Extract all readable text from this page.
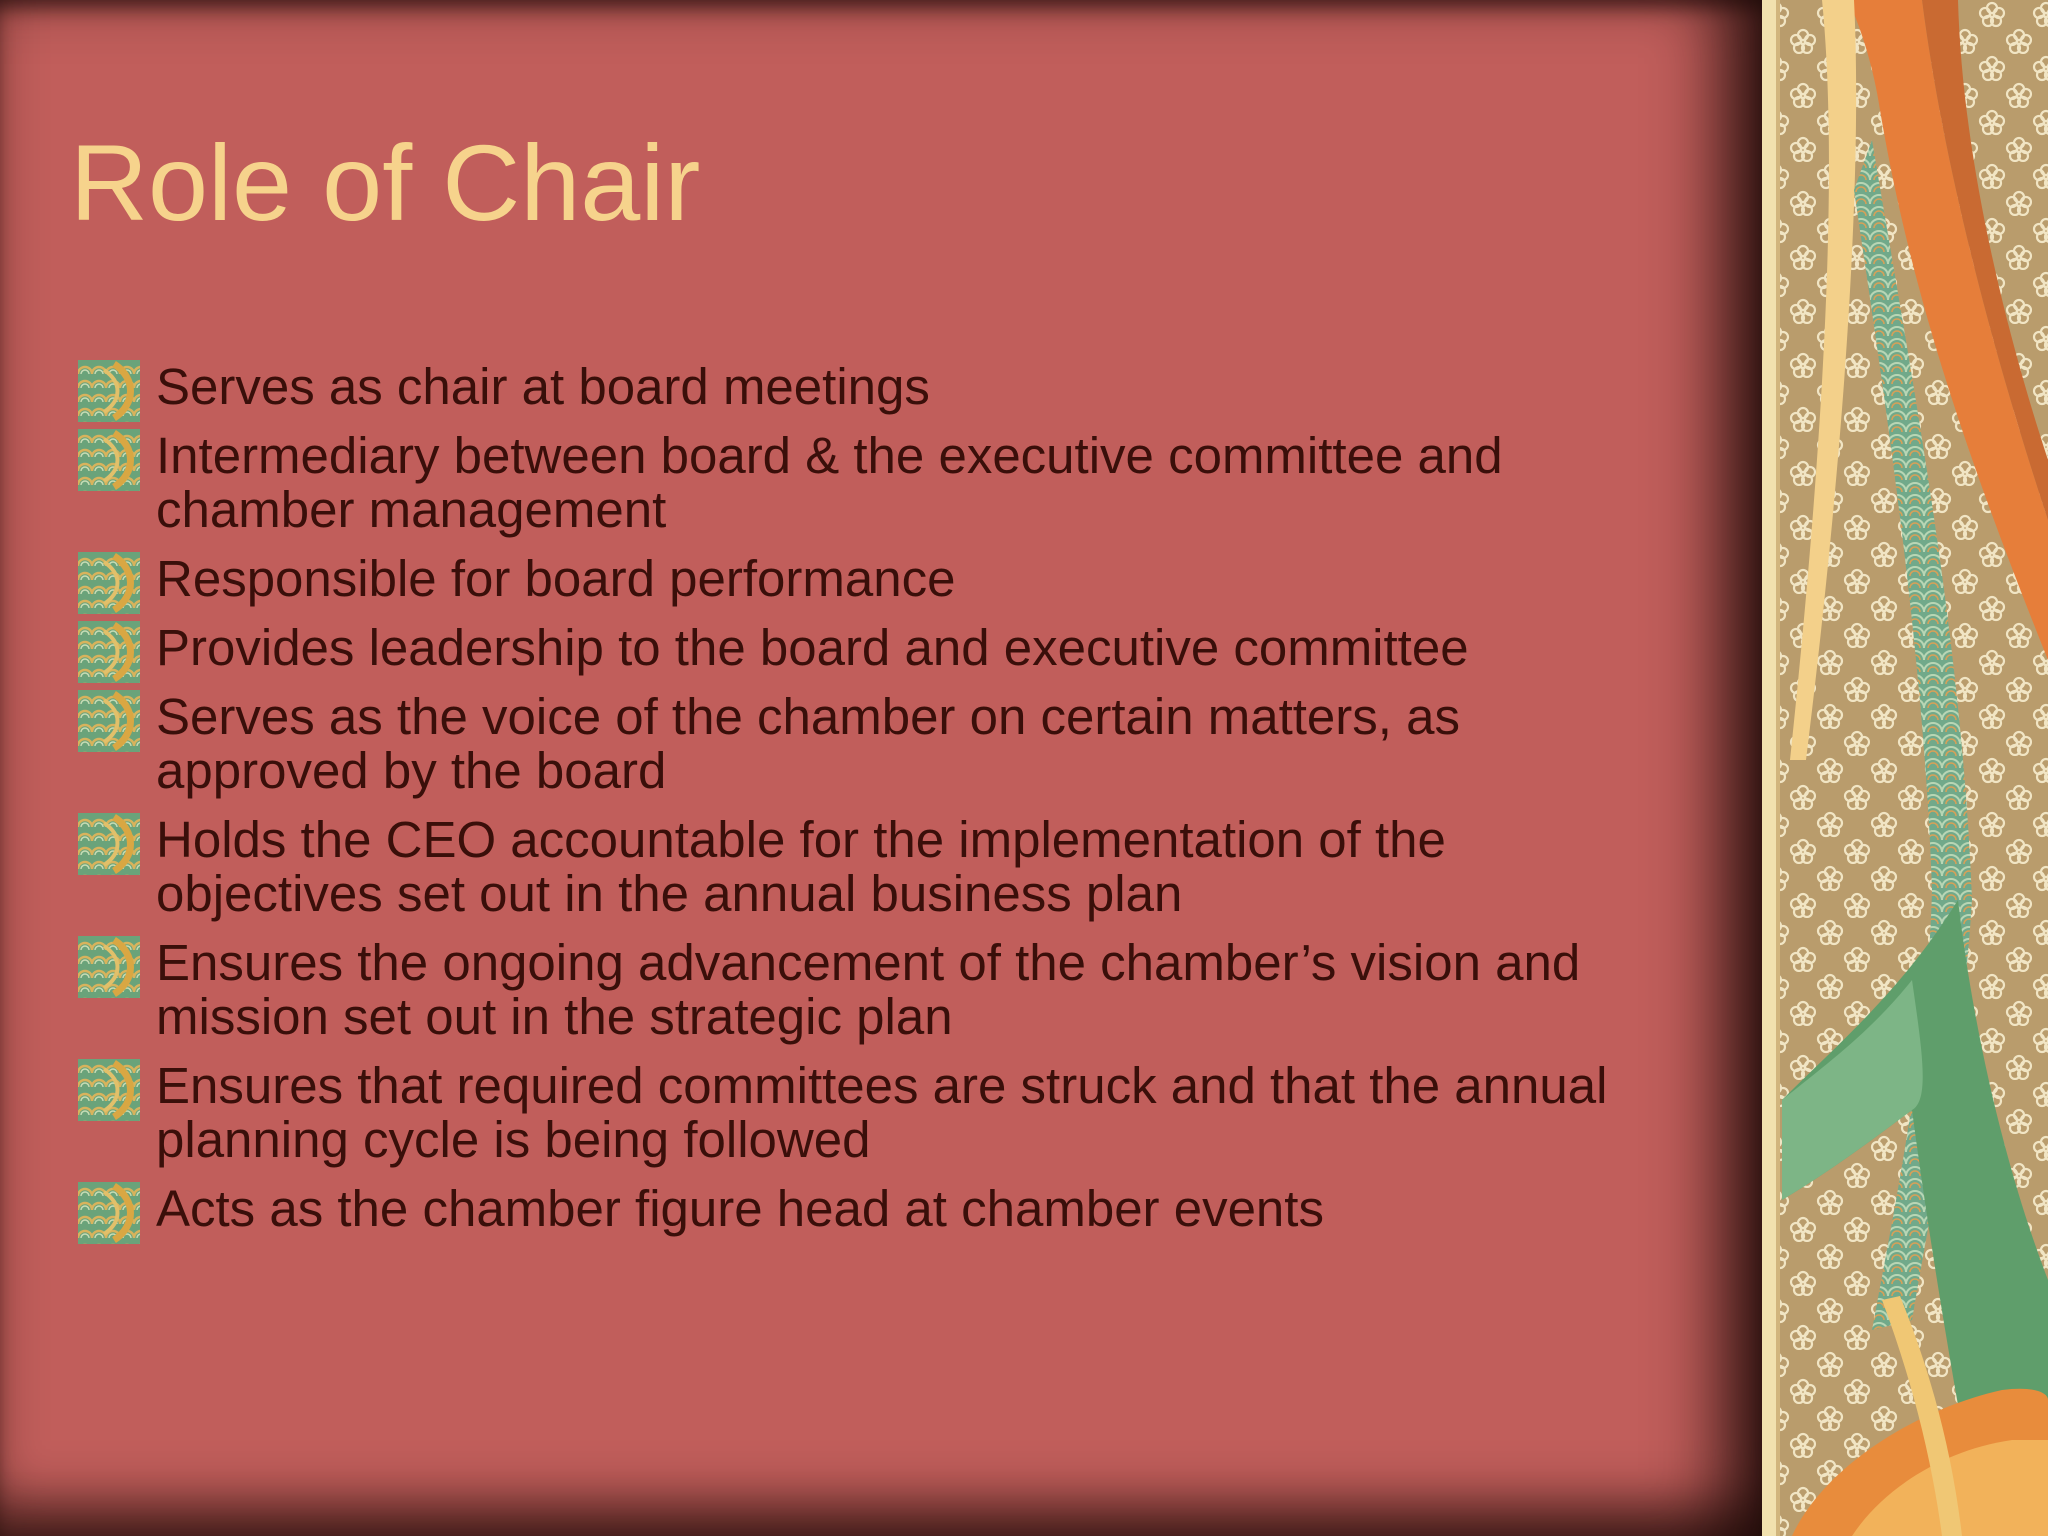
Role of Chair
Serves as chair at board meetings
Intermediary between board & the executive committee and chamber management
Responsible for board performance
Provides leadership to the board and executive committee
Serves as the voice of the chamber on certain matters, as approved by the board
Holds the CEO accountable for the implementation of the objectives set out in the annual business plan
Ensures the ongoing advancement of the chamber’s vision and mission set out in the strategic plan
Ensures that required committees are struck and that the annual planning cycle is being followed
Acts as the chamber figure head at chamber events
